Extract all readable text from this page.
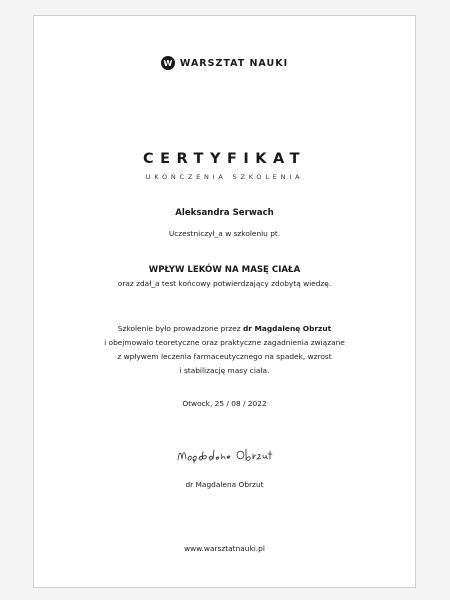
W WARSZTAT NAUKI
CERTYFIKAT
UKOŃCZENIA SZKOLENIA
Aleksandra Serwach
Uczestniczył_a w szkoleniu pt.
WPŁYW LEKÓW NA MASĘ CIAŁA
oraz zdał_a test końcowy potwierdzający zdobytą wiedzę.
Szkolenie było prowadzone przez dr Magdalenę Obrzut
i obejmowało teoretyczne oraz praktyczne zagadnienia związane
z wpływem leczenia farmaceutycznego na spadek, wzrost
i stabilizację masy ciała.
Otwock, 25 / 08 / 2022
dr Magdalena Obrzut
www.warsztatnauki.pl
